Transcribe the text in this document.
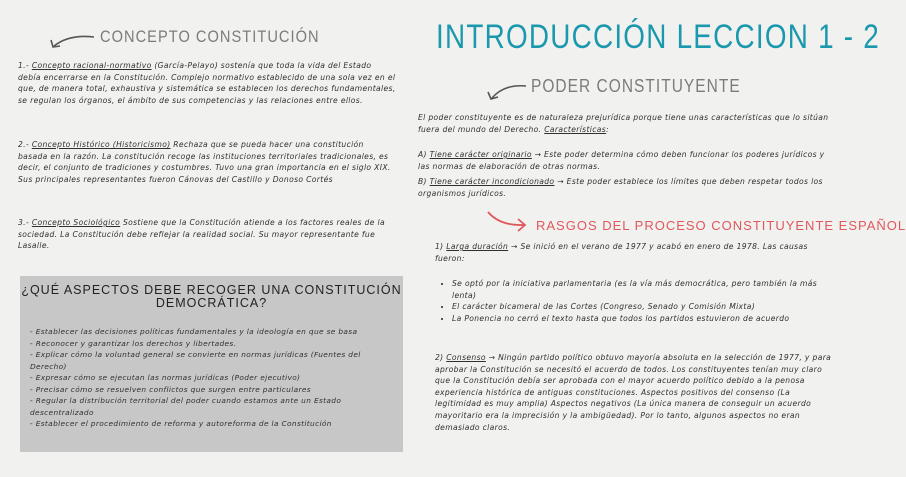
INTRODUCCIÓN LECCION 1 - 2
CONCEPTO CONSTITUCIÓN
1.- Concepto racional-normativo (García-Pelayo) sostenía que toda la vida del Estado debía encerrarse en la Constitución. Complejo normativo establecido de una sola vez en el que, de manera total, exhaustiva y sistemática se establecen los derechos fundamentales, se regulan los órganos, el ámbito de sus competencias y las relaciones entre ellos.
2.- Concepto Histórico (Historicismo) Rechaza que se pueda hacer una constitución basada en la razón. La constitución recoge las instituciones territoriales tradicionales, es decir, el conjunto de tradiciones y costumbres. Tuvo una gran importancia en el siglo XIX. Sus principales representantes fueron Cánovas del Castillo y Donoso Cortés
3.- Concepto Sociológico Sostiene que la Constitución atiende a los factores reales de la sociedad. La Constitución debe reflejar la realidad social. Su mayor representante fue Lasalle.
¿QUÉ ASPECTOS DEBE RECOGER UNA CONSTITUCIÓN DEMOCRÁTICA?
- Establecer las decisiones políticas fundamentales y la ideología en que se basa
- Reconocer y garantizar los derechos y libertades.
- Explicar cómo la voluntad general se convierte en normas jurídicas (Fuentes del Derecho)
- Expresar cómo se ejecutan las normas jurídicas (Poder ejecutivo)
- Precisar cómo se resuelven conflictos que surgen entre particulares
- Regular la distribución territorial del poder cuando estamos ante un Estado descentralizado
- Establecer el procedimiento de reforma y autoreforma de la Constitución
PODER CONSTITUYENTE
El poder constituyente es de naturaleza prejurídica porque tiene unas características que lo sitúan fuera del mundo del Derecho. Características:
A) Tiene carácter originario → Este poder determina cómo deben funcionar los poderes jurídicos y las normas de elaboración de otras normas.
B) Tiene carácter incondicionado → Este poder establece los límites que deben respetar todos los organismos jurídicos.
RASGOS DEL PROCESO CONSTITUYENTE ESPAÑOL
1) Larga duración → Se inició en el verano de 1977 y acabó en enero de 1978. Las causas fueron:
• Se optó por la iniciativa parlamentaria (es la vía más democrática, pero también la más lenta)
• El carácter bicameral de las Cortes (Congreso, Senado y Comisión Mixta)
• La Ponencia no cerró el texto hasta que todos los partidos estuvieron de acuerdo
2) Consenso → Ningún partido político obtuvo mayoría absoluta en la selección de 1977, y para aprobar la Constitución se necesitó el acuerdo de todos. Los constituyentes tenían muy claro que la Constitución debía ser aprobada con el mayor acuerdo político debido a la penosa experiencia histórica de antiguas constituciones. Aspectos positivos del consenso (La legitimidad es muy amplia) Aspectos negativos (La única manera de conseguir un acuerdo mayoritario era la imprecisión y la ambigüedad). Por lo tanto, algunos aspectos no eran demasiado claros.
